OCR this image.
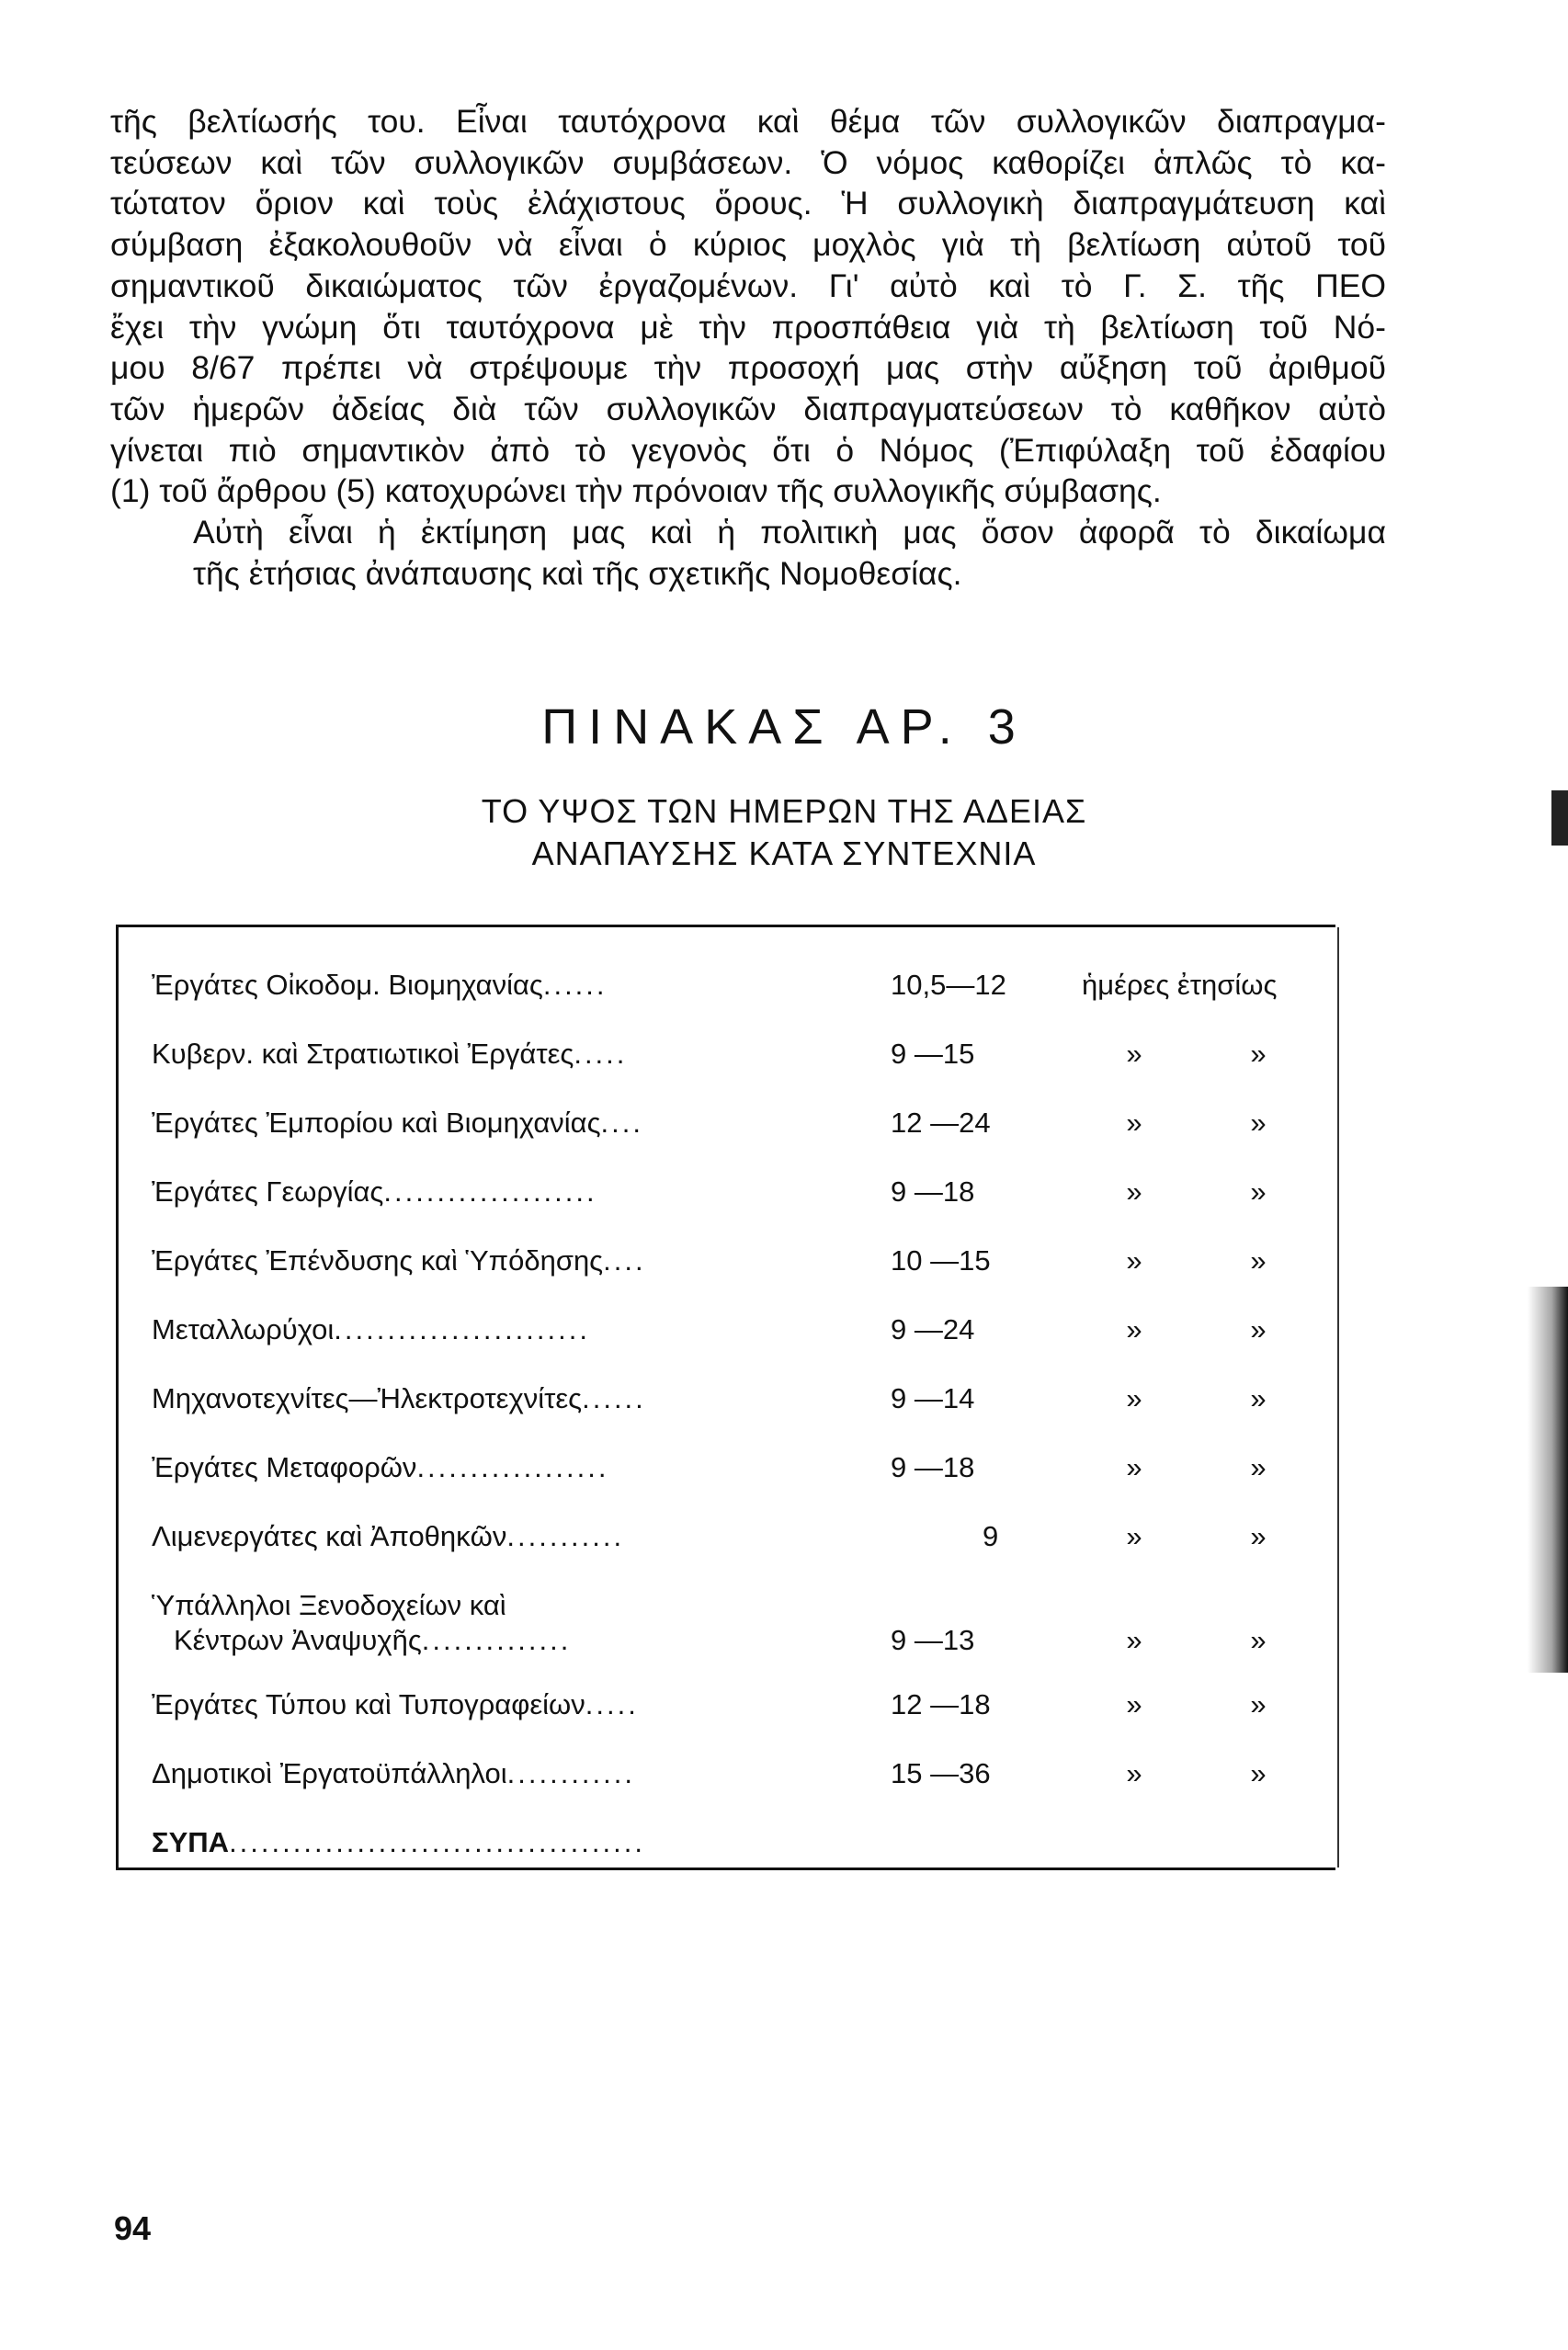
τῆς βελτίωσής του. Εἶναι ταυτόχρονα καὶ θέμα τῶν συλλογικῶν διαπραγμα-
τεύσεων καὶ τῶν συλλογικῶν συμβάσεων. Ὁ νόμος καθορίζει ἁπλῶς τὸ κα-
τώτατον ὅριον καὶ τοὺς ἐλάχιστους ὅρους. Ἡ συλλογικὴ διαπραγμάτευση καὶ
σύμβαση ἐξακολουθοῦν νὰ εἶναι ὁ κύριος μοχλὸς γιὰ τὴ βελτίωση αὐτοῦ τοῦ
σημαντικοῦ δικαιώματος τῶν ἐργαζομένων. Γι' αὐτὸ καὶ τὸ Γ. Σ. τῆς ΠΕΟ
ἔχει τὴν γνώμη ὅτι ταυτόχρονα μὲ τὴν προσπάθεια γιὰ τὴ βελτίωση τοῦ Νό-
μου 8/67 πρέπει νὰ στρέψουμε τὴν προσοχή μας στὴν αὔξηση τοῦ ἀριθμοῦ
τῶν ἡμερῶν ἀδείας διὰ τῶν συλλογικῶν διαπραγματεύσεων τὸ καθῆκον αὐτὸ
γίνεται πιὸ σημαντικὸν ἀπὸ τὸ γεγονὸς ὅτι ὁ Νόμος (Ἐπιφύλαξη τοῦ ἐδαφίου
(1) τοῦ ἄρθρου (5) κατοχυρώνει τὴν πρόνοιαν τῆς συλλογικῆς σύμβασης.

Αὐτὴ εἶναι ἡ ἐκτίμηση μας καὶ ἡ πολιτικὴ μας ὅσον ἀφορᾶ τὸ δικαίωμα
τῆς ἐτήσιας ἀνάπαυσης καὶ τῆς σχετικῆς Νομοθεσίας.

ΠΙΝΑΚΑΣ ΑΡ. 3
ΤΟ ΥΨΟΣ ΤΩΝ ΗΜΕΡΩΝ ΤΗΣ ΑΔΕΙΑΣ
ΑΝΑΠΑΥΣΗΣ ΚΑΤΑ ΣΥΝΤΕΧΝΙΑ
Ἐργάτες Οἰκοδομ. Βιομηχανίας......	10,5—12	ἡμέρες ἐτησίως
Κυβερν. καὶ Στρατιωτικοὶ Ἐργάτες.....	9 —15	»	»
Ἐργάτες Ἐμπορίου καὶ Βιομηχανίας....	12 —24	»	»
Ἐργάτες Γεωργίας....................	9 —18	»	»
Ἐργάτες Ἐπένδυσης καὶ Ὑπόδησης....	10 —15	»	»
Μεταλλωρύχοι........................	9 —24	»	»
Μηχανοτεχνίτες—Ἠλεκτροτεχνίτες......	9 —14	»	»
Ἐργάτες Μεταφορῶν..................	9 —18	»	»
Λιμενεργάτες καὶ Ἀποθηκῶν...........	9	»	»
Ὑπάλληλοι Ξενοδοχείων καὶ
Κέντρων Ἀναψυχῆς..............	9 —13	»	»
Ἐργάτες Τύπου καὶ Τυπογραφείων.....	12 —18	»	»
Δημοτικοὶ Ἐργατοϋπάλληλοι............	15 —36	»	»
ΣΥΠΑ.......................................
94
